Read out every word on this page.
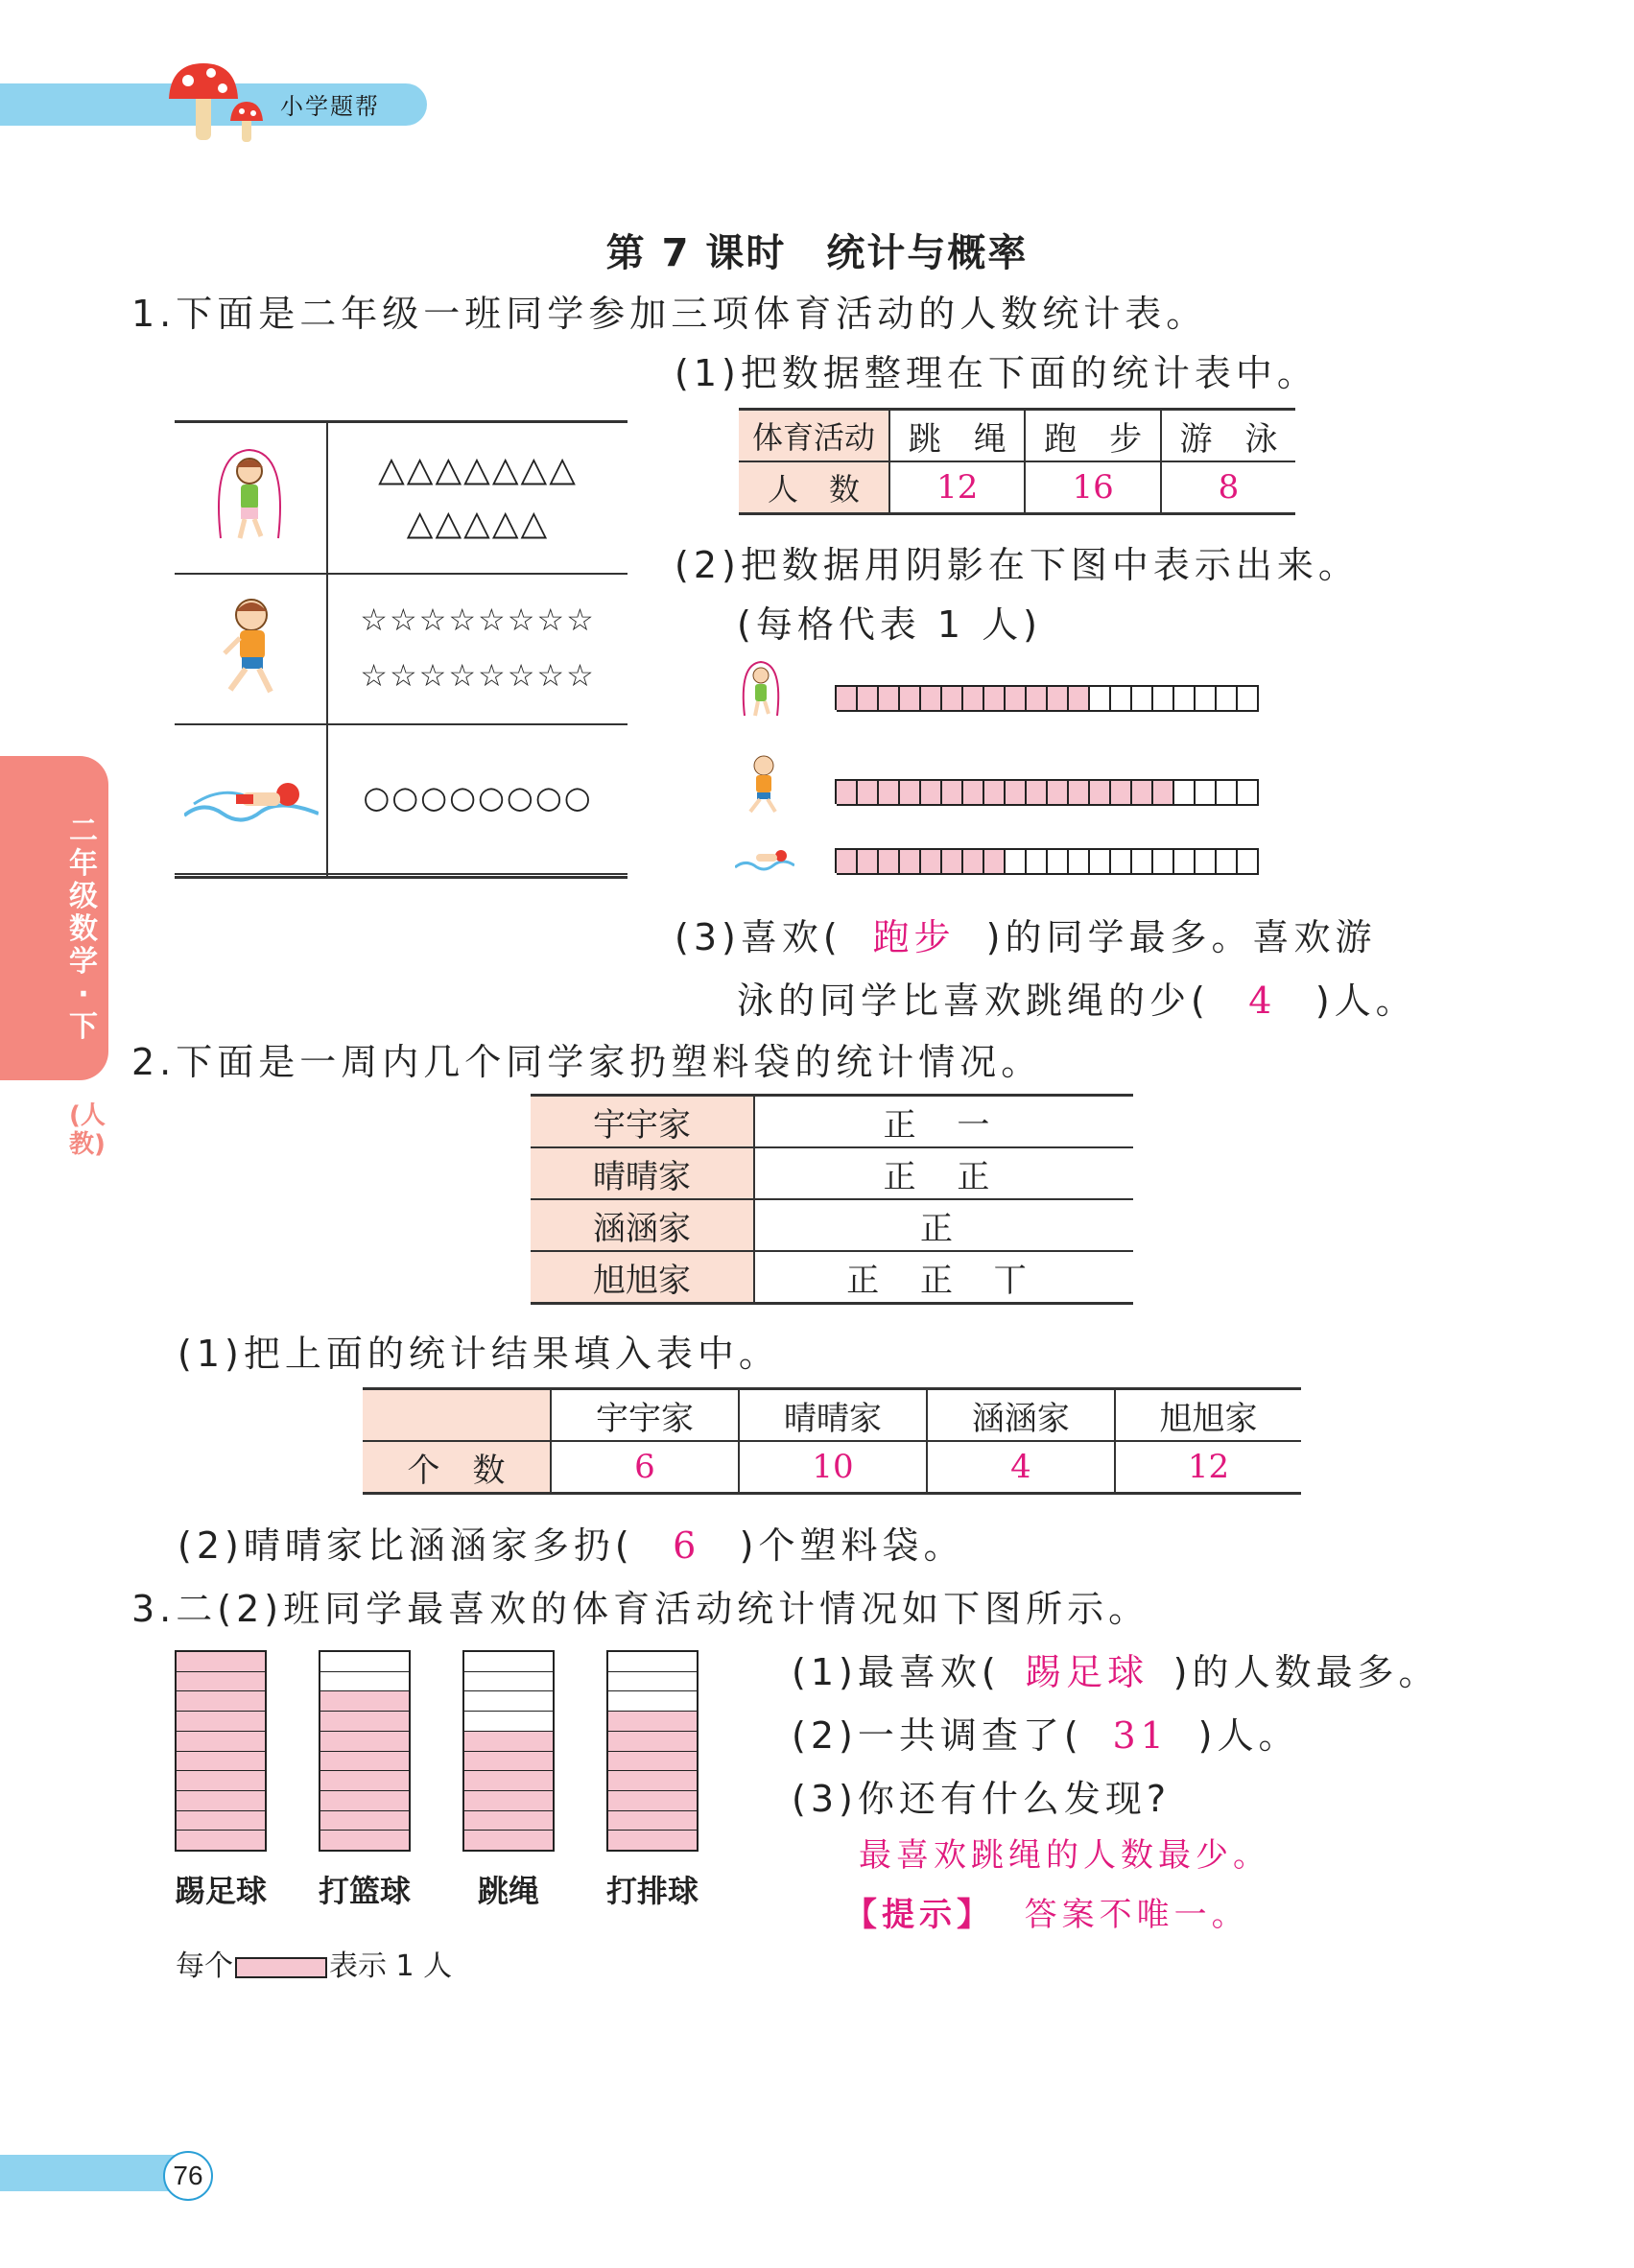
小学题帮
二年级数学·下
(人教)
第 7 课时　统计与概率
1.下面是二年级一班同学参加三项体育活动的人数统计表。
△△△△△△△
△△△△△
☆☆☆☆☆☆☆☆
☆☆☆☆☆☆☆☆
○○○○○○○○
(1)把数据整理在下面的统计表中。
体育活动	跳　绳	跑　步	游　泳
人　数	12	16	8
(2)把数据用阴影在下图中表示出来。
(每格代表 1 人)
(3)喜欢( 跑步 )的同学最多。喜欢游
泳的同学比喜欢跳绳的少( 4 )人。
2.下面是一周内几个同学家扔塑料袋的统计情况。
宇宇家	正 一
晴晴家	正 正
涵涵家	正
旭旭家	正 正 丅
(1)把上面的统计结果填入表中。
	宇宇家	晴晴家	涵涵家	旭旭家
个　数	6	10	4	12
(2)晴晴家比涵涵家多扔( 6 )个塑料袋。
3.二(2)班同学最喜欢的体育活动统计情况如下图所示。
踢足球	打篮球	跳绳	打排球
每个	表示 1 人
(1)最喜欢( 踢足球 )的人数最多。
(2)一共调查了( 31 )人。
(3)你还有什么发现?
最喜欢跳绳的人数最少。
【提示】 答案不唯一。
76
